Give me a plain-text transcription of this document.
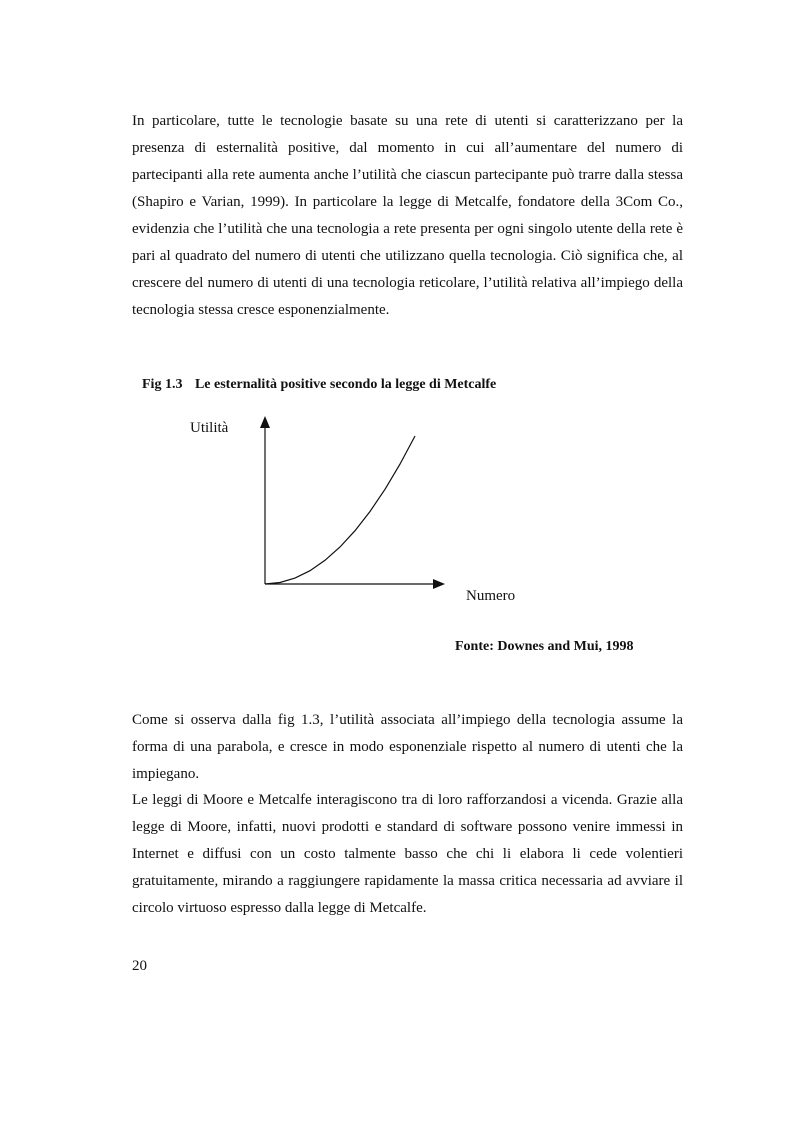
In particolare, tutte le tecnologie basate su una rete di utenti si caratterizzano per la presenza di esternalità positive, dal momento in cui all’aumentare del numero di partecipanti alla rete aumenta anche l’utilità che ciascun partecipante può trarre dalla stessa (Shapiro e Varian, 1999). In particolare la legge di Metcalfe, fondatore della 3Com Co., evidenzia che l’utilità che una tecnologia a rete presenta per ogni singolo utente della rete è pari al quadrato del numero di utenti che utilizzano quella tecnologia. Ciò significa che, al crescere del numero di utenti di una tecnologia reticolare, l’utilità relativa all’impiego della tecnologia stessa cresce esponenzialmente.

Fig 1.3 Le esternalità positive secondo la legge di Metcalfe
Utilità
Numero
Fonte: Downes and Mui, 1998

Come si osserva dalla fig 1.3, l’utilità associata all’impiego della tecnologia assume la forma di una parabola, e cresce in modo esponenziale rispetto al numero di utenti che la impiegano.

Le leggi di Moore e Metcalfe interagiscono tra di loro rafforzandosi a vicenda. Grazie alla legge di Moore, infatti, nuovi prodotti e standard di software possono venire immessi in Internet e diffusi con un costo talmente basso che chi li elabora li cede volentieri gratuitamente, mirando a raggiungere rapidamente la massa critica necessaria ad avviare il circolo virtuoso espresso dalla legge di Metcalfe.

20
